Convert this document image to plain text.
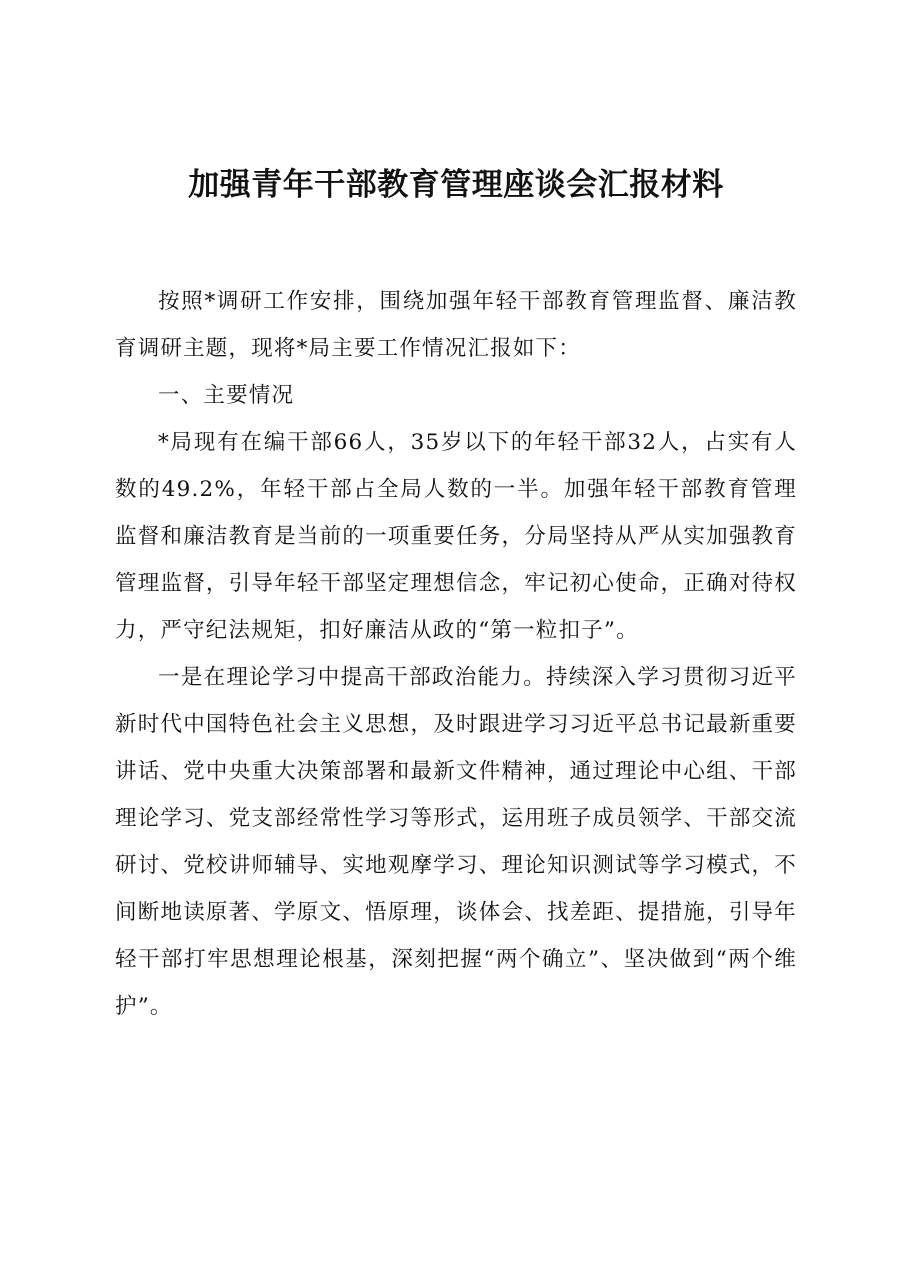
加强青年干部教育管理座谈会汇报材料

按照*调研工作安排，围绕加强年轻干部教育管理监督、廉洁教育调研主题，现将*局主要工作情况汇报如下：

一、主要情况

*局现有在编干部66人，35岁以下的年轻干部32人，占实有人数的49.2%，年轻干部占全局人数的一半。加强年轻干部教育管理监督和廉洁教育是当前的一项重要任务，分局坚持从严从实加强教育管理监督，引导年轻干部坚定理想信念，牢记初心使命，正确对待权力，严守纪法规矩，扣好廉洁从政的“第一粒扣子”。

一是在理论学习中提高干部政治能力。持续深入学习贯彻习近平新时代中国特色社会主义思想，及时跟进学习习近平总书记最新重要讲话、党中央重大决策部署和最新文件精神，通过理论中心组、干部理论学习、党支部经常性学习等形式，运用班子成员领学、干部交流研讨、党校讲师辅导、实地观摩学习、理论知识测试等学习模式，不间断地读原著、学原文、悟原理，谈体会、找差距、提措施，引导年轻干部打牢思想理论根基，深刻把握“两个确立”、坚决做到“两个维护”。
